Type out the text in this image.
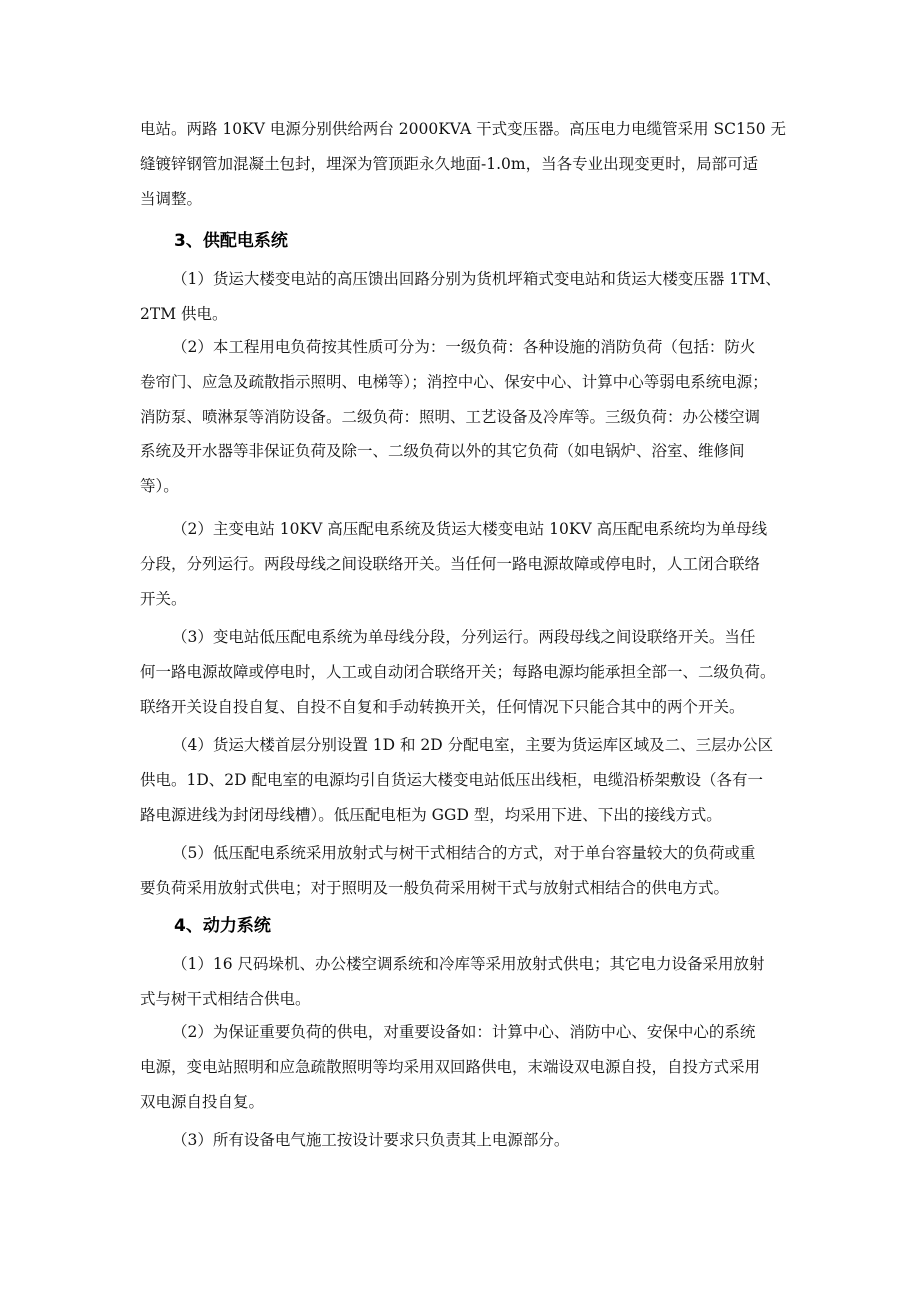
电站。两路 10KV 电源分别供给两台 2000KVA 干式变压器。高压电力电缆管采用 SC150 无
缝镀锌钢管加混凝土包封，埋深为管顶距永久地面-1.0m，当各专业出现变更时，局部可适
当调整。
3、供配电系统
（1）货运大楼变电站的高压馈出回路分别为货机坪箱式变电站和货运大楼变压器 1TM、
2TM 供电。
（2）本工程用电负荷按其性质可分为：一级负荷：各种设施的消防负荷（包括：防火
卷帘门、应急及疏散指示照明、电梯等）；消控中心、保安中心、计算中心等弱电系统电源；
消防泵、喷淋泵等消防设备。二级负荷：照明、工艺设备及冷库等。三级负荷：办公楼空调
系统及开水器等非保证负荷及除一、二级负荷以外的其它负荷（如电锅炉、浴室、维修间
等）。
（2）主变电站 10KV 高压配电系统及货运大楼变电站 10KV 高压配电系统均为单母线
分段，分列运行。两段母线之间设联络开关。当任何一路电源故障或停电时，人工闭合联络
开关。
（3）变电站低压配电系统为单母线分段，分列运行。两段母线之间设联络开关。当任
何一路电源故障或停电时，人工或自动闭合联络开关；每路电源均能承担全部一、二级负荷。
联络开关设自投自复、自投不自复和手动转换开关，任何情况下只能合其中的两个开关。
（4）货运大楼首层分别设置 1D 和 2D 分配电室，主要为货运库区域及二、三层办公区
供电。1D、2D 配电室的电源均引自货运大楼变电站低压出线柜，电缆沿桥架敷设（各有一
路电源进线为封闭母线槽）。低压配电柜为 GGD 型，均采用下进、下出的接线方式。
（5）低压配电系统采用放射式与树干式相结合的方式，对于单台容量较大的负荷或重
要负荷采用放射式供电；对于照明及一般负荷采用树干式与放射式相结合的供电方式。
4、动力系统
（1）16 尺码垛机、办公楼空调系统和冷库等采用放射式供电；其它电力设备采用放射
式与树干式相结合供电。
（2）为保证重要负荷的供电，对重要设备如：计算中心、消防中心、安保中心的系统
电源，变电站照明和应急疏散照明等均采用双回路供电，末端设双电源自投，自投方式采用
双电源自投自复。
（3）所有设备电气施工按设计要求只负责其上电源部分。
